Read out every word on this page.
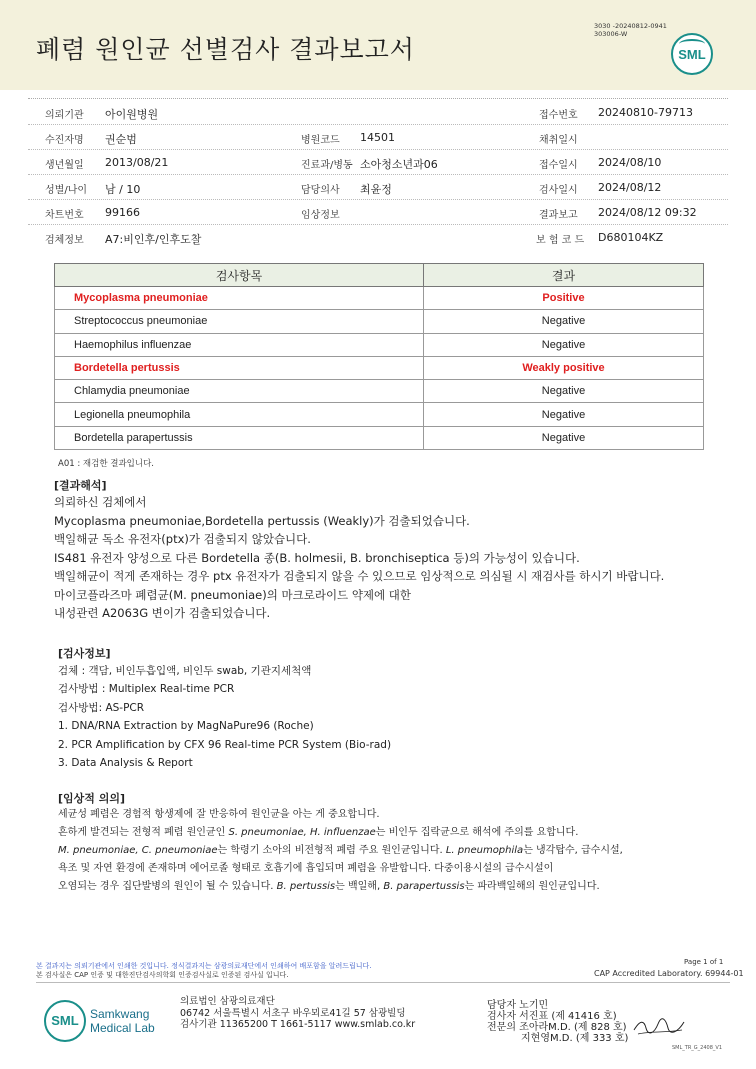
폐렴 원인균 선별검사 결과보고서
3030 -20240812-0941
303006-W
SML
의뢰기관 아이원병원	접수번호 20240810-79713
수진자명 권순범	병원코드 14501	채취일시
생년월일 2013/08/21	진료과/병동 소아청소년과06	접수일시 2024/08/10
성별/나이 남 / 10	담당의사 최윤정	검사일시 2024/08/12
차트번호 99166	임상정보	결과보고 2024/08/12 09:32
검체정보 A7:비인후/인후도찰	보 험 코 드 D680104KZ
검사항목	결과
Mycoplasma pneumoniae	Positive
Streptococcus pneumoniae	Negative
Haemophilus influenzae	Negative
Bordetella pertussis	Weakly positive
Chlamydia pneumoniae	Negative
Legionella pneumophila	Negative
Bordetella parapertussis	Negative
A01 : 재검한 결과입니다.
[결과해석]
의뢰하신 검체에서
Mycoplasma pneumoniae,Bordetella pertussis (Weakly)가 검출되었습니다.
백일해균 독소 유전자(ptx)가 검출되지 않았습니다.
IS481 유전자 양성으로 다른 Bordetella 종(B. holmesii, B. bronchiseptica 등)의 가능성이 있습니다.
백일해균이 적게 존재하는 경우 ptx 유전자가 검출되지 않을 수 있으므로 임상적으로 의심될 시 재검사를 하시기 바랍니다.
마이코플라즈마 폐렴균(M. pneumoniae)의 마크로라이드 약제에 대한
내성관련 A2063G 변이가 검출되었습니다.
[검사정보]
검체 : 객담, 비인두흡입액, 비인두 swab, 기관지세척액
검사방법 : Multiplex Real-time PCR
검사방법: AS-PCR
1. DNA/RNA Extraction by MagNaPure96 (Roche)
2. PCR Amplification by CFX 96 Real-time PCR System (Bio-rad)
3. Data Analysis & Report
[임상적 의의]
세균성 폐렴은 경험적 항생제에 잘 반응하여 원인균을 아는 게 중요합니다.
흔하게 발견되는 전형적 폐렴 원인균인 S. pneumoniae, H. influenzae는 비인두 집락균으로 해석에 주의를 요합니다.
M. pneumoniae, C. pneumoniae는 학령기 소아의 비전형적 폐렴 주요 원인균입니다. L. pneumophila는 냉각탑수, 급수시설,
욕조 및 자연 환경에 존재하며 에어로졸 형태로 호흡기에 흡입되며 폐렴을 유발합니다. 다중이용시설의 급수시설이
오염되는 경우 집단발병의 원인이 될 수 있습니다. B. pertussis는 백일해, B. parapertussis는 파라백일해의 원인균입니다.
본 결과지는 의뢰기관에서 인쇄한 것입니다. 정식결과지는 삼광의료재단에서 인쇄하여 배포함을 알려드립니다.
본 검사실은 CAP 인증 및 대한진단검사의학회 인증검사실로 인증된 검사실 입니다.
Page 1 of 1
CAP Accredited Laboratory. 69944-01
SML Samkwang
Medical Lab
의료법인 삼광의료재단
06742 서울특별시 서초구 바우뫼로41길 57 삼광빌딩
검사기관 11365200 T 1661-5117 www.smlab.co.kr
담당자 노기민
검사자 서진표 (제 41416 호)
전문의 조아라M.D. (제 828 호)
지현영M.D. (제 333 호)
SML_TR_G_2408_V1
